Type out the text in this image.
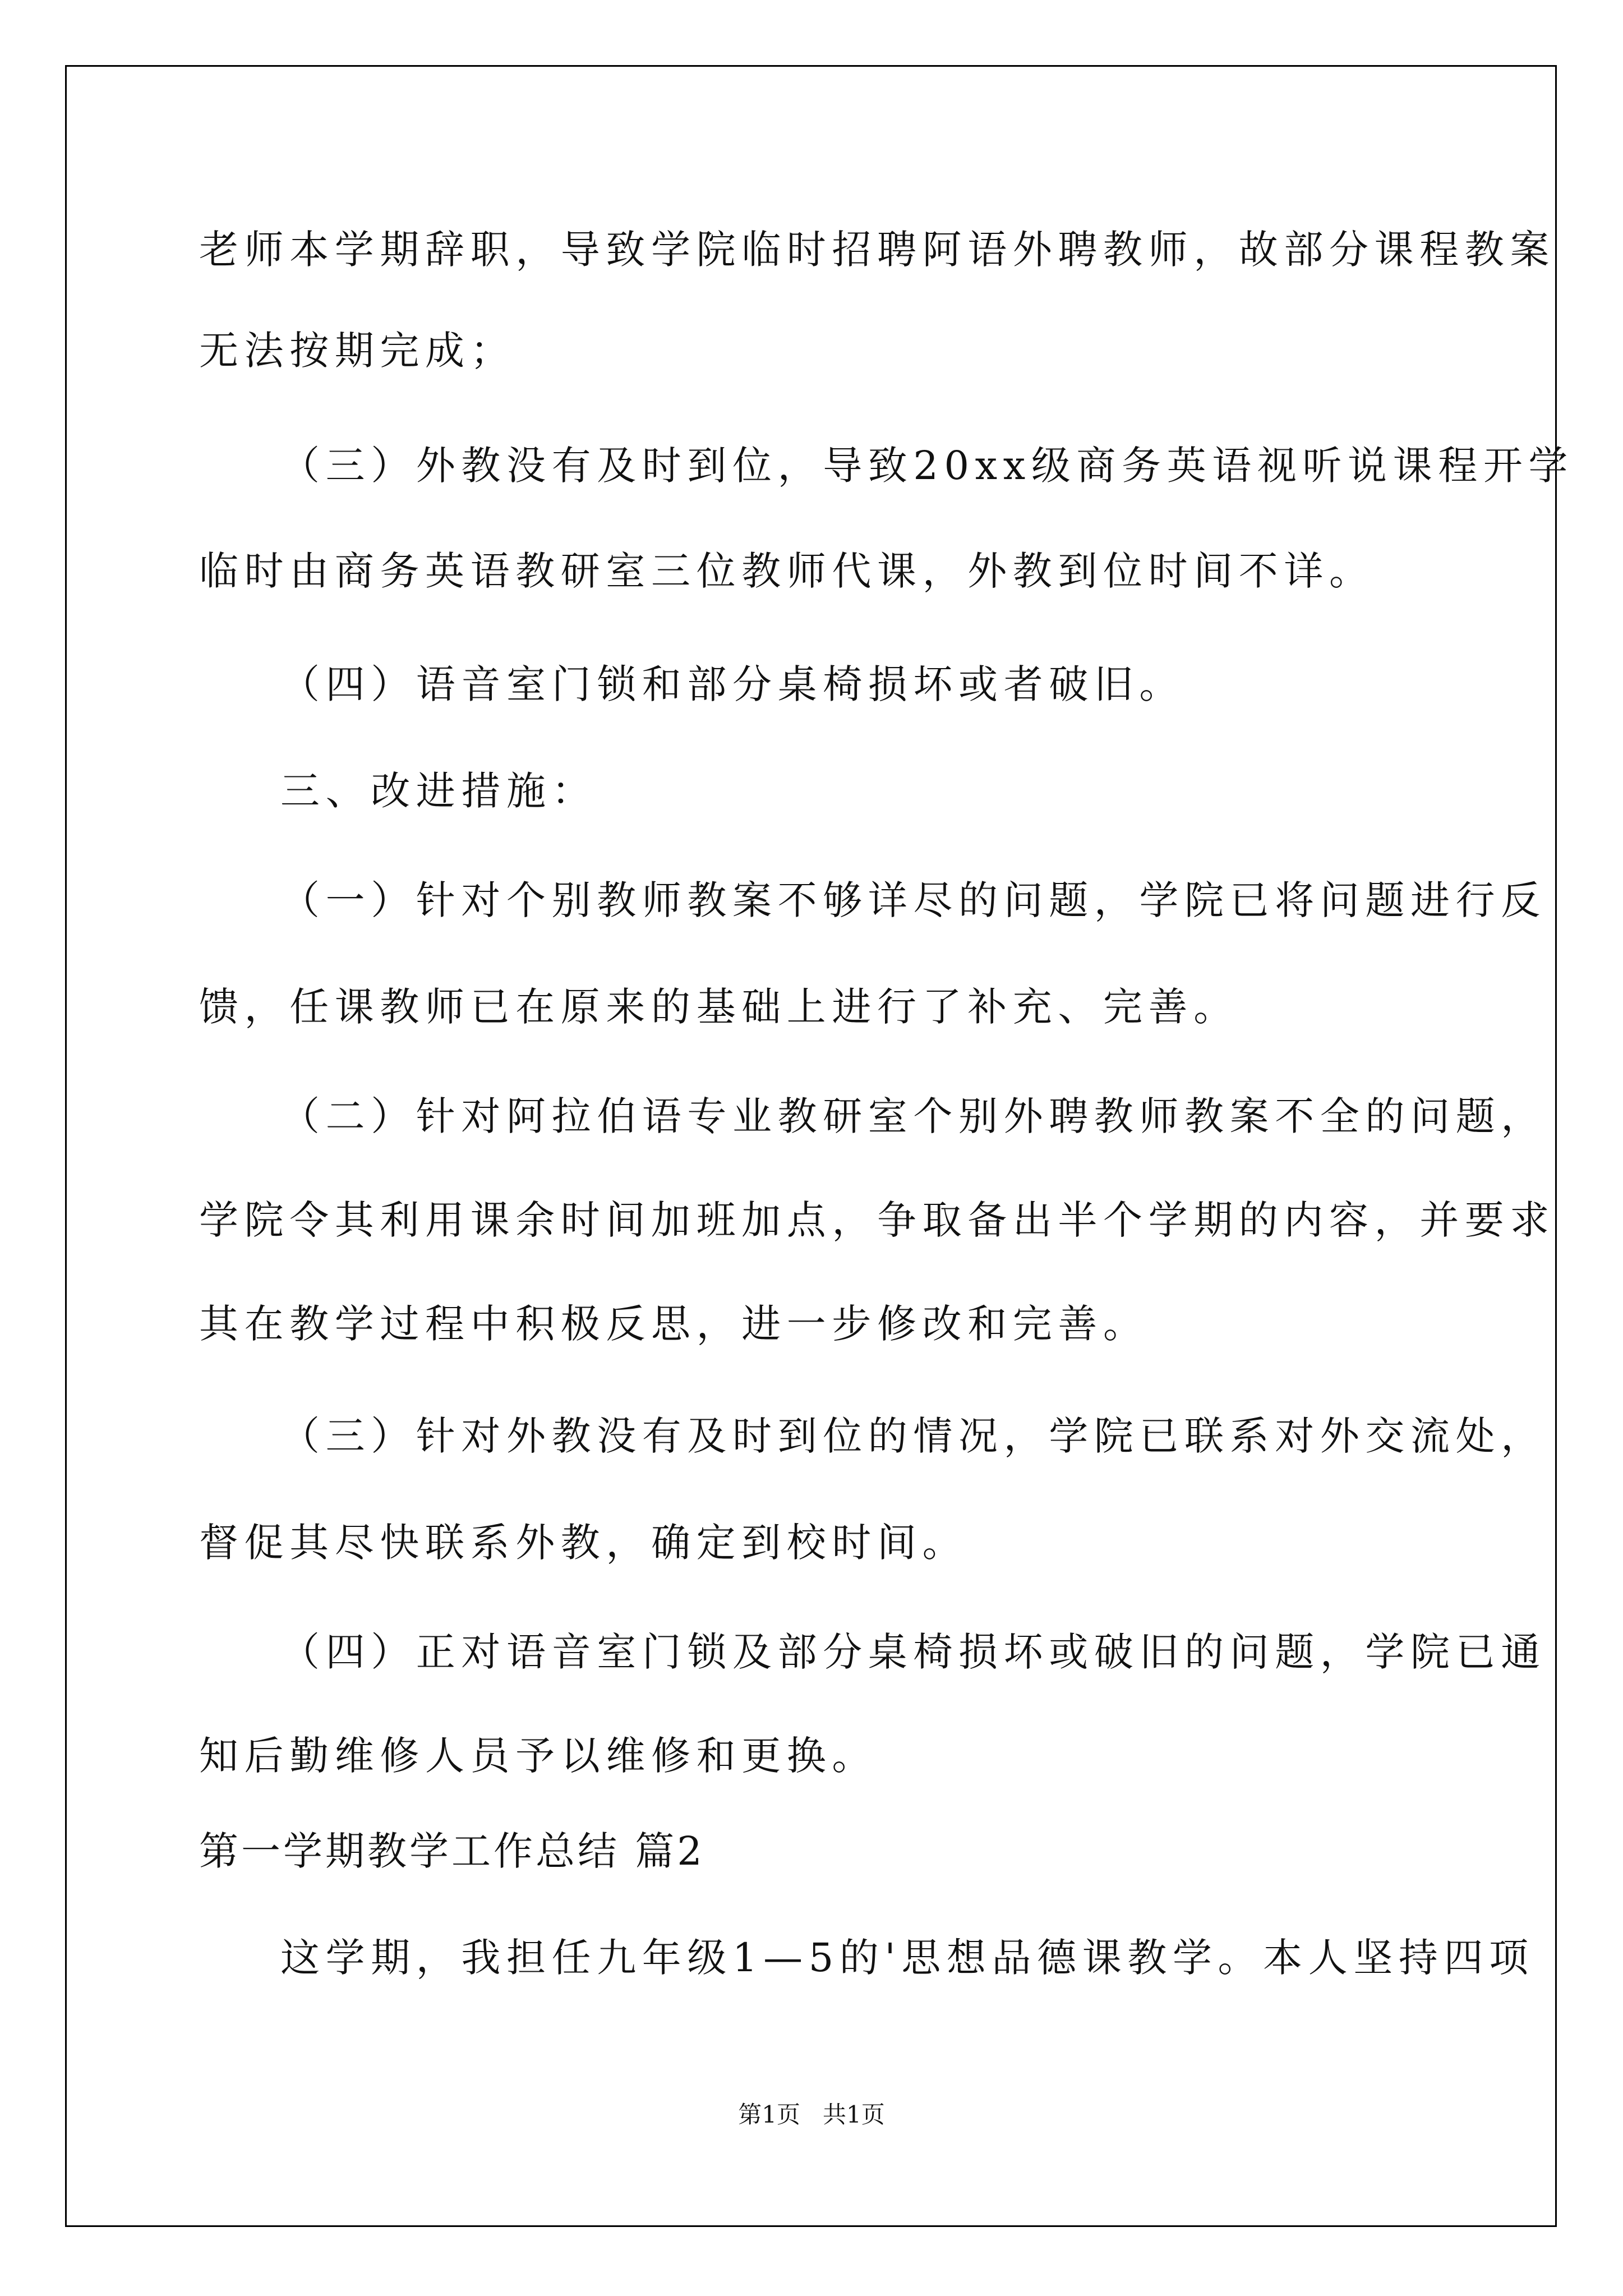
老师本学期辞职，导致学院临时招聘阿语外聘教师，故部分课程教案
无法按期完成；
（三）外教没有及时到位，导致20xx级商务英语视听说课程开学
临时由商务英语教研室三位教师代课，外教到位时间不详。
（四）语音室门锁和部分桌椅损坏或者破旧。
三、改进措施：
（一）针对个别教师教案不够详尽的问题，学院已将问题进行反
馈，任课教师已在原来的基础上进行了补充、完善。
（二）针对阿拉伯语专业教研室个别外聘教师教案不全的问题，
学院令其利用课余时间加班加点，争取备出半个学期的内容，并要求
其在教学过程中积极反思，进一步修改和完善。
（三）针对外教没有及时到位的情况，学院已联系对外交流处，
督促其尽快联系外教，确定到校时间。
（四）正对语音室门锁及部分桌椅损坏或破旧的问题，学院已通
知后勤维修人员予以维修和更换。
第一学期教学工作总结 篇2
这学期，我担任九年级1—5的'思想品德课教学。本人坚持四项
第1页   共1页
